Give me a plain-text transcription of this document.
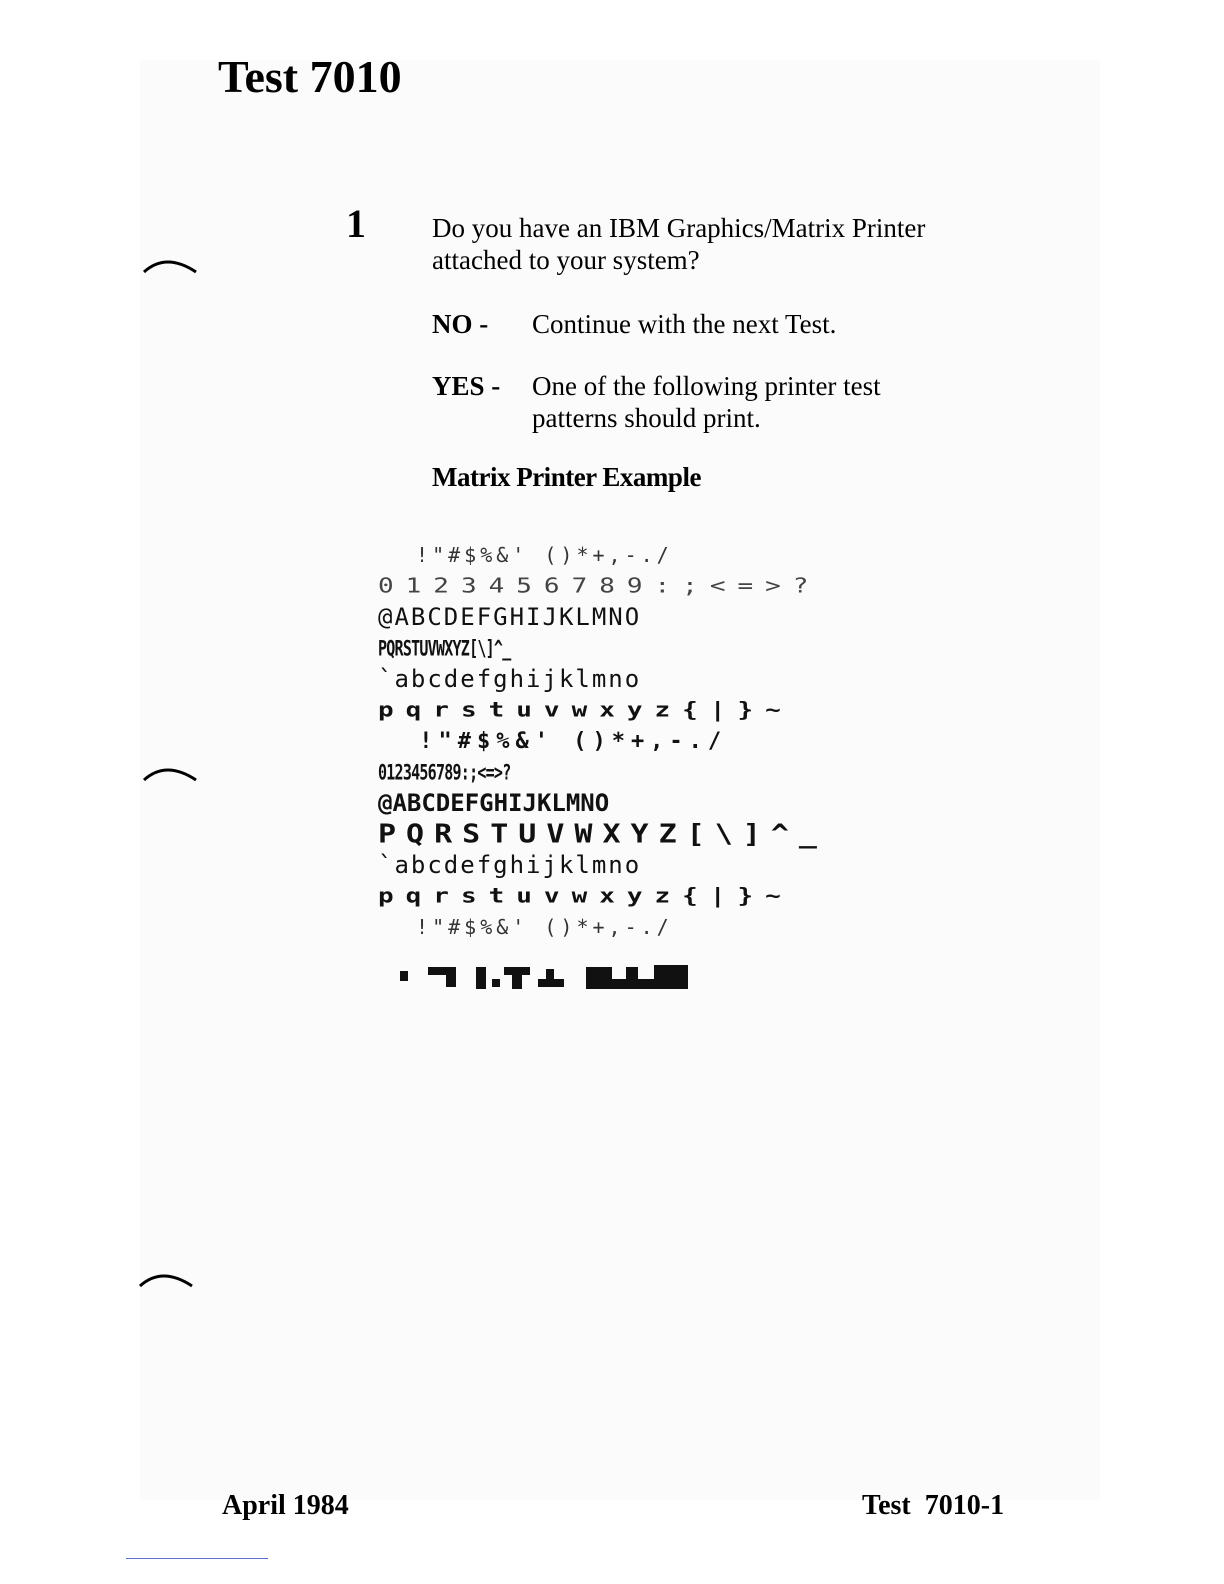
Test 7010
1 Do you have an IBM Graphics/Matrix Printer attached to your system?
NO - Continue with the next Test.
YES - One of the following printer test patterns should print.
Matrix Printer Example
!"#$%&' ()*+,-./
0123456789:;<=>?
@ABCDEFGHIJKLMNO
PQRSTUVWXYZ[\]^_
`abcdefghijklmno
pqrstuvwxyz{|}~
!"#$%&' ()*+,-./
0123456789:;<=>?
@ABCDEFGHIJKLMNO
PQRSTUVWXYZ[\]^_
`abcdefghijklmno
pqrstuvwxyz{|}~
!"#$%&' ()*+,-./
April 1984	Test  7010-1
